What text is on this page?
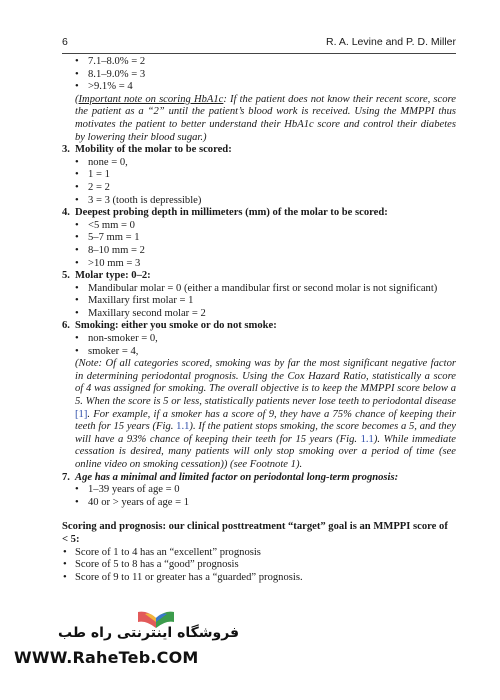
6	R. A. Levine and P. D. Miller
• 7.1–8.0% = 2
• 8.1–9.0% = 3
• >9.1% = 4
(Important note on scoring HbA1c: If the patient does not know their recent score, score the patient as a “2” until the patient’s blood work is received. Using the MMPPI thus motivates the patient to better understand their HbA1c score and control their diabetes by lowering their blood sugar.)
3. Mobility of the molar to be scored:
• none = 0,
• 1 = 1
• 2 = 2
• 3 = 3 (tooth is depressible)
4. Deepest probing depth in millimeters (mm) of the molar to be scored:
• <5 mm = 0
• 5–7 mm = 1
• 8–10 mm = 2
• >10 mm = 3
5. Molar type: 0–2:
• Mandibular molar = 0 (either a mandibular first or second molar is not significant)
• Maxillary first molar = 1
• Maxillary second molar = 2
6. Smoking: either you smoke or do not smoke:
• non-smoker = 0,
• smoker = 4,
(Note: Of all categories scored, smoking was by far the most significant negative factor in determining periodontal prognosis. Using the Cox Hazard Ratio, statistically a score of 4 was assigned for smoking. The overall objective is to keep the MMPPI score below a 5. When the score is 5 or less, statistically patients never lose teeth to periodontal disease [1]. For example, if a smoker has a score of 9, they have a 75% chance of keeping their teeth for 15 years (Fig. 1.1). If the patient stops smoking, the score becomes a 5, and they will have a 93% chance of keeping their teeth for 15 years (Fig. 1.1). While immediate cessation is desired, many patients will only stop smoking over a period of time (see online video on smoking cessation)) (see Footnote 1).
7. Age has a minimal and limited factor on periodontal long-term prognosis:
• 1–39 years of age = 0
• 40 or > years of age = 1
Scoring and prognosis: our clinical posttreatment “target” goal is an MMPPI score of < 5:
• Score of 1 to 4 has an “excellent” prognosis
• Score of 5 to 8 has a “good” prognosis
• Score of 9 to 11 or greater has a “guarded” prognosis.
فروشگاه اینترنتی راه طب
WWW.RaheTeb.COM
